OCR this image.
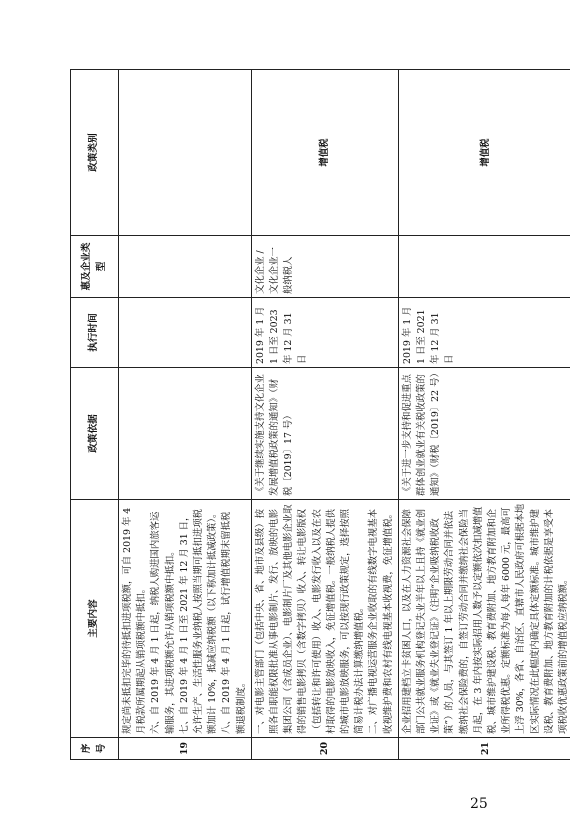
序号	主要内容	政策依据	执行时间	惠及企业类型	政策类别
19	规定尚未抵扣完毕的待抵扣进项税额，可自 2019 年 4 月税款所属期起从销项税额中抵扣。 六、自 2019 年 4 月 1 日起，纳税人购进国内旅客运输服务，其进项税额允许从销项税额中抵扣。 七、自 2019 年 4 月 1 日至 2021 年 12 月 31 日，允许生产、生活性服务业纳税人按照当期可抵扣进项税额加计 10%，抵减应纳税额（以下称加计抵减政策）。 八、自 2019 年 4 月 1 日起，试行增值税期末留抵税额退税制度。				

20	一、对电影主管部门（包括中央、省、地市及县级）按照各自职能权限批准从事电影制片、发行、放映的电影集团公司（含成员企业）、电影制片厂及其他电影企业取得的销售电影拷贝（含数字拷贝）收入、转让电影版权（包括转让和许可使用）收入、电影发行收入以及在农村取得的电影放映收入，免征增值税。一般纳税人提供的城市电影放映服务，可以按现行政策规定，选择按照简易计税办法计算缴纳增值税。 二、对广播电视运营服务企业收取的有线数字电视基本收视维护费和农村有线电视基本收视费，免征增值税。	《关于继续实施支持文化企业发展增值税政策的通知》（财税〔2019〕17 号）	2019 年 1 月 1 日至 2023 年 12 月 31 日	文化企业 / 文化企业一般纳税人	增值税
21	企业招用建档立卡贫困人口，以及在人力资源社会保障部门公共就业服务机构登记失业半年以上且持《就业创业证》或《就业失业登记证》（注明“企业吸纳税收政策”）的人员，与其签订 1 年以上期限劳动合同并依法缴纳社会保险费的，自签订劳动合同并缴纳社会保险当月起，在 3 年内按实际招用人数予以定额依次扣减增值税、城市维护建设税、教育费附加、地方教育附加和企业所得税优惠。定额标准为每人每年 6000 元，最高可上浮 30%，各省、自治区、直辖市人民政府可根据本地区实际情况在此幅度内确定具体定额标准。城市维护建设税、教育费附加、地方教育附加的计税依据是享受本项税收优惠政策前的增值税应纳税额。	《关于进一步支持和促进重点群体创业就业有关税收政策的通知》（财税〔2019〕22 号）	2019 年 1 月 1 日至 2021 年 12 月 31 日		增值税
25
